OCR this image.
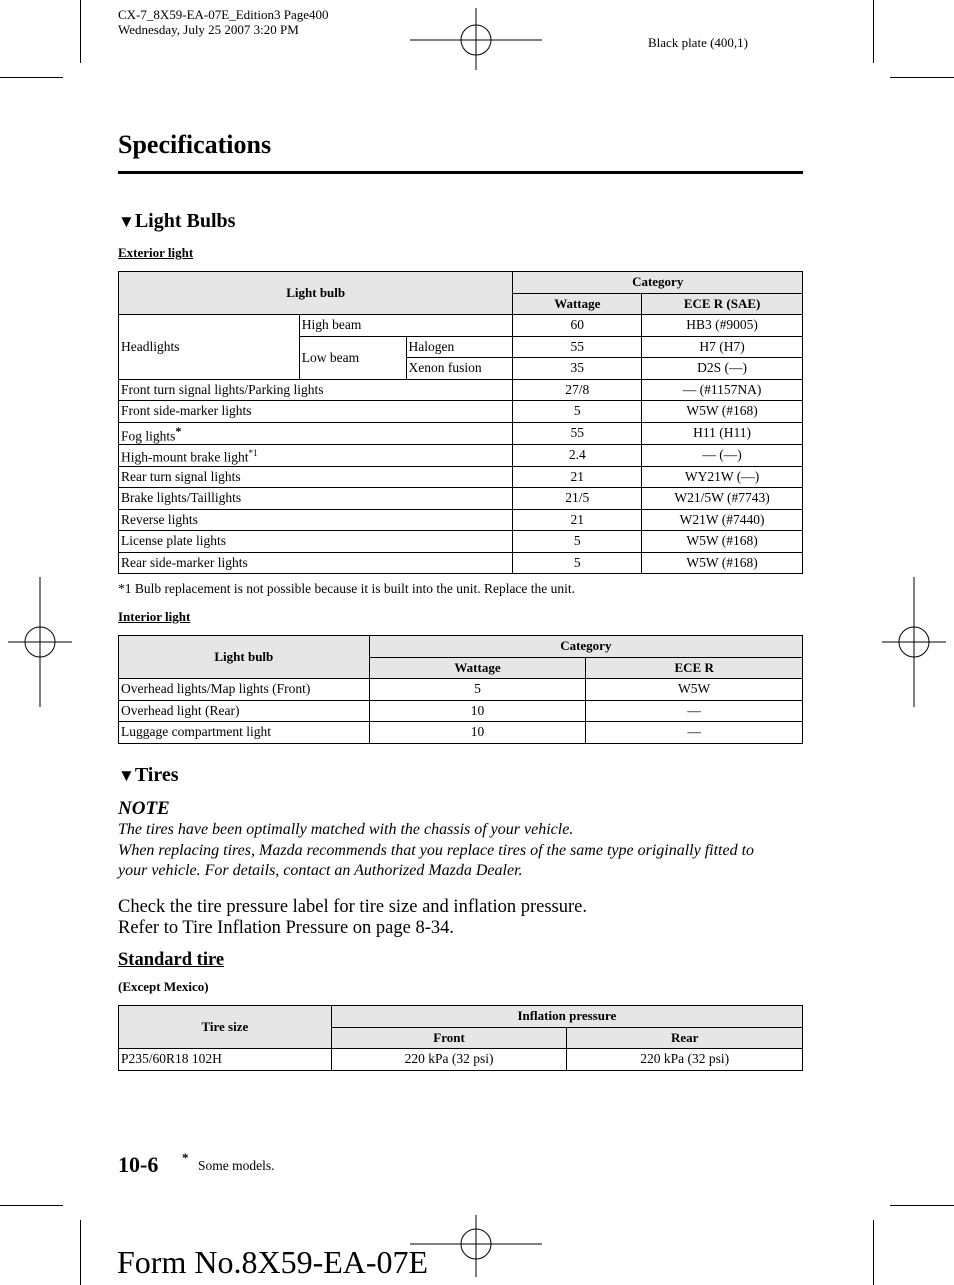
CX-7_8X59-EA-07E_Edition3 Page400
Wednesday, July 25 2007 3:20 PM
Black plate (400,1)
Specifications
▼Light Bulbs
Exterior light
Light bulb			Category	
			Wattage	ECE R (SAE)
Headlights	High beam		60	HB3 (#9005)
	Low beam	Halogen	55	H7 (H7)
		Xenon fusion	35	D2S (—)
Front turn signal lights/Parking lights			27/8	— (#1157NA)
Front side-marker lights			5	W5W (#168)
Fog lights*			55	H11 (H11)
High-mount brake light$^{*1}$			2.4	— (—)
Rear turn signal lights			21	WY21W (—)
Brake lights/Taillights			21/5	W21/5W (#7743)
Reverse lights			21	W21W (#7440)
License plate lights			5	W5W (#168)
Rear side-marker lights			5	W5W (#168)
*1 Bulb replacement is not possible because it is built into the unit. Replace the unit.
Interior light
Light bulb	Category	
	Wattage	ECE R
Overhead lights/Map lights (Front)	5	W5W
Overhead light (Rear)	10	—
Luggage compartment light	10	—
▼Tires
NOTE
The tires have been optimally matched with the chassis of your vehicle.
When replacing tires, Mazda recommends that you replace tires of the same type originally fitted to
your vehicle. For details, contact an Authorized Mazda Dealer.
Check the tire pressure label for tire size and inflation pressure.
Refer to Tire Inflation Pressure on page 8-34.
Standard tire
(Except Mexico)
Tire size	Inflation pressure	
	Front	Rear
P235/60R18 102H	220 kPa (32 psi)	220 kPa (32 psi)
10-6 *
Some models.
Form No.8X59-EA-07E
